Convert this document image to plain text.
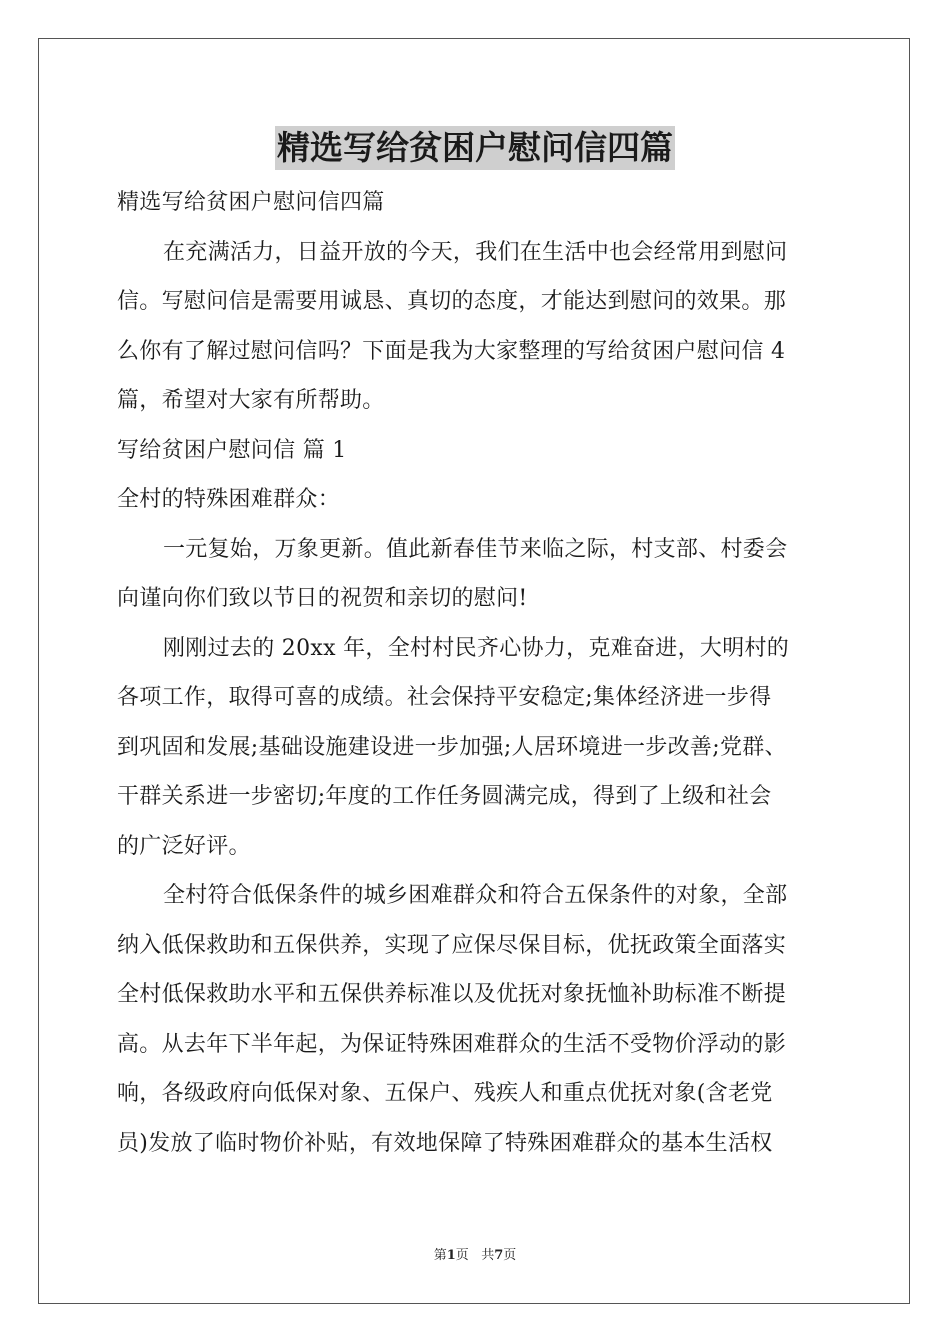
精选写给贫困户慰问信四篇
精选写给贫困户慰问信四篇
在充满活力，日益开放的今天，我们在生活中也会经常用到慰问
信。写慰问信是需要用诚恳、真切的态度，才能达到慰问的效果。那
么你有了解过慰问信吗？下面是我为大家整理的写给贫困户慰问信 4
篇，希望对大家有所帮助。
写给贫困户慰问信 篇 1
全村的特殊困难群众：
一元复始，万象更新。值此新春佳节来临之际，村支部、村委会
向谨向你们致以节日的祝贺和亲切的慰问!
刚刚过去的 20xx 年，全村村民齐心协力，克难奋进，大明村的
各项工作，取得可喜的成绩。社会保持平安稳定;集体经济进一步得
到巩固和发展;基础设施建设进一步加强;人居环境进一步改善;党群、
干群关系进一步密切;年度的工作任务圆满完成，得到了上级和社会
的广泛好评。
全村符合低保条件的城乡困难群众和符合五保条件的对象，全部
纳入低保救助和五保供养，实现了应保尽保目标，优抚政策全面落实
全村低保救助水平和五保供养标准以及优抚对象抚恤补助标准不断提
高。从去年下半年起，为保证特殊困难群众的生活不受物价浮动的影
响，各级政府向低保对象、五保户、残疾人和重点优抚对象(含老党
员)发放了临时物价补贴，有效地保障了特殊困难群众的基本生活权
第1页 共7页
